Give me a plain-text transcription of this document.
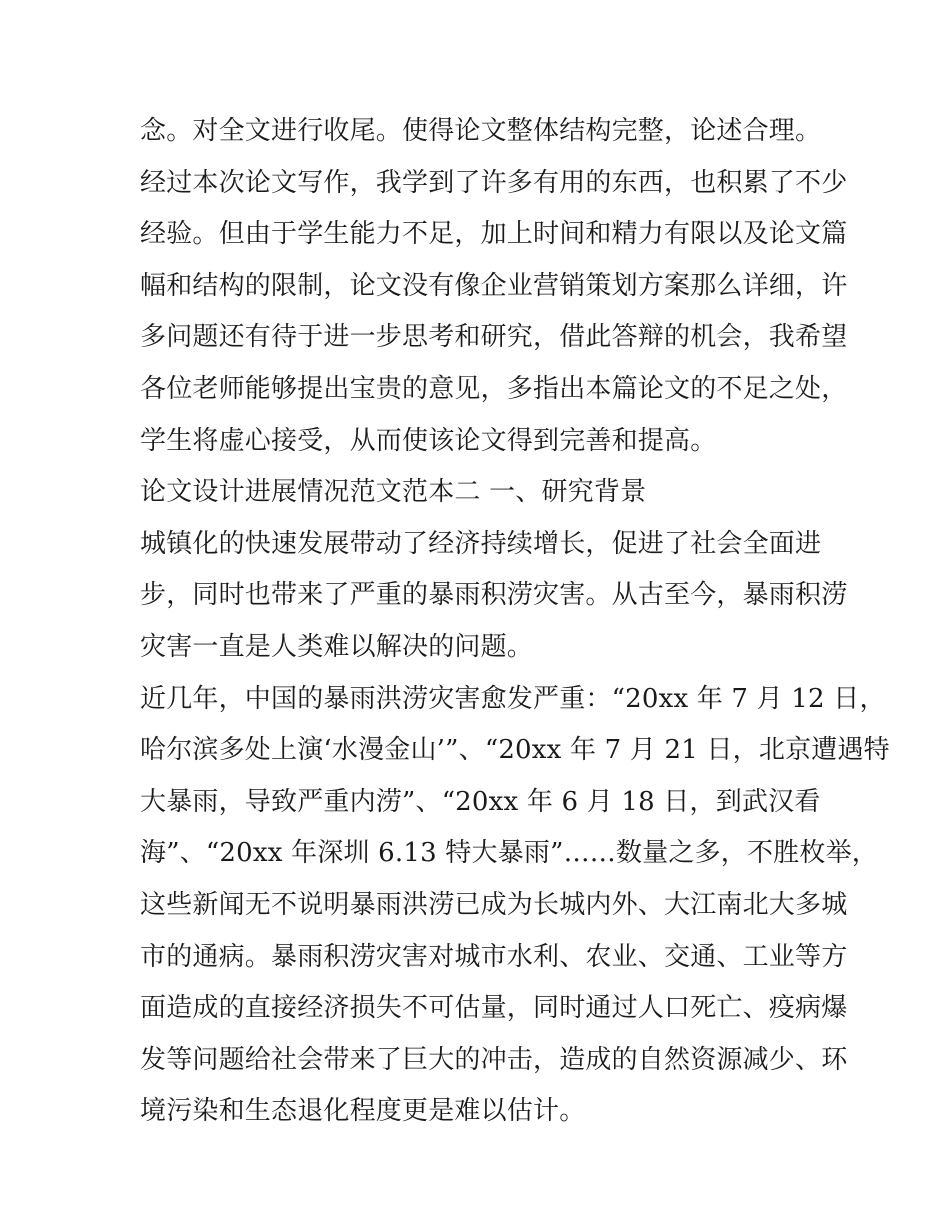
念。对全文进行收尾。使得论文整体结构完整，论述合理。
经过本次论文写作，我学到了许多有用的东西，也积累了不少
经验。但由于学生能力不足，加上时间和精力有限以及论文篇
幅和结构的限制，论文没有像企业营销策划方案那么详细，许
多问题还有待于进一步思考和研究，借此答辩的机会，我希望
各位老师能够提出宝贵的意见，多指出本篇论文的不足之处，
学生将虚心接受，从而使该论文得到完善和提高。
论文设计进展情况范文范本二 一、研究背景
城镇化的快速发展带动了经济持续增长，促进了社会全面进
步，同时也带来了严重的暴雨积涝灾害。从古至今，暴雨积涝
灾害一直是人类难以解决的问题。
近几年，中国的暴雨洪涝灾害愈发严重：“20xx 年 7 月 12 日，
哈尔滨多处上演‘水漫金山’”、“20xx 年 7 月 21 日，北京遭遇特
大暴雨，导致严重内涝”、“20xx 年 6 月 18 日，到武汉看
海”、“20xx 年深圳 6.13 特大暴雨”……数量之多，不胜枚举，
这些新闻无不说明暴雨洪涝已成为长城内外、大江南北大多城
市的通病。暴雨积涝灾害对城市水利、农业、交通、工业等方
面造成的直接经济损失不可估量，同时通过人口死亡、疫病爆
发等问题给社会带来了巨大的冲击，造成的自然资源减少、环
境污染和生态退化程度更是难以估计。
